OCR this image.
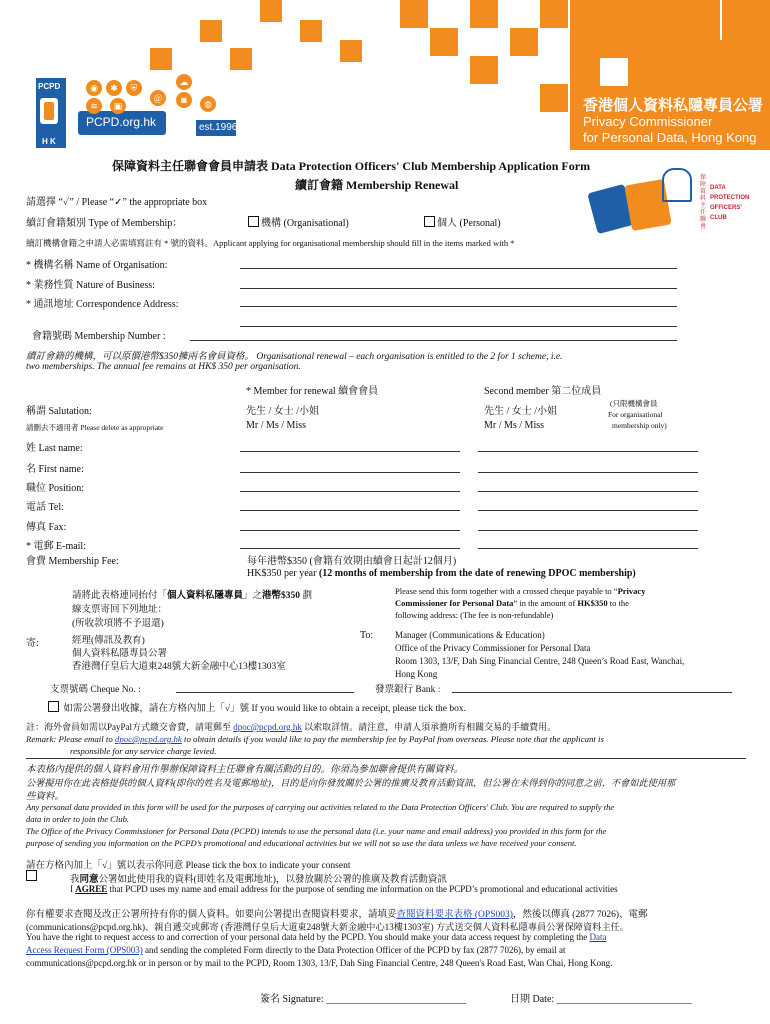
PCPD
H K
PCPD.org.hk	est.1996
◉	✱	⛨
@
≋	▣
◙
☁
◍	香港個人資料私隱專員公署
Privacy Commissioner
for Personal Data, Hong Kong
保障資料主任聯會
DATA
PROTECTION
OFFICERS'
CLUB
保障資料主任聯會會員申請表 Data Protection Officers' Club Membership Application Form
續訂會籍 Membership Renewal
請選擇 “✓” / Please “✓” the appropriate box
續訂會籍類別 Type of Membership：	機構 (Organisational)	個人 (Personal)
續訂機構會籍之申請人必需填寫註有 * 號的資料。Applicant applying for organisational membership should fill in the items marked with *
* 機構名稱 Name of Organisation:
* 業務性質 Nature of Business:
* 通訊地址 Correspondence Address:
會籍號碼 Membership Number :
續訂會籍的機構，可以原價港幣$350擁兩名會員資格。 Organisational renewal – each organisation is entitled to the 2 for 1 scheme, i.e.
two memberships. The annual fee remains at HK$ 350 per organisation.
* Member for renewal 續會會員	Second member 第二位成員
稱謂 Salutation:	先生 / 女士 /小姐	先生 / 女士 /小姐
(只限機構會員
For organisational
membership only)
請刪去不適用者 Please delete as appropriate	Mr / Ms / Miss	Mr / Ms / Miss
姓 Last name:
名 First name:
職位 Position:
電話 Tel:
傳真 Fax:
* 電郵 E-mail:
會費 Membership Fee:	每年港幣$350 (會籍有效期由續會日起計12個月)
HK$350 per year (12 months of membership from the date of renewing DPOC membership)
請將此表格連同抬付「個人資料私隱專員」之港幣$350 劃
線支票寄回下列地址：
(所收款項將不予退還)
Please send this form together with a crossed cheque payable to “Privacy
Commissioner for Personal Data” in the amount of HK$350 to the
following address: (The fee is non-refundable)
寄:	經理(傳訊及教育)
個人資料私隱專員公署
香港灣仔皇后大道東248號大新金融中心13樓1303室
To: Manager (Communications & Education)
Office of the Privacy Commissioner for Personal Data
Room 1303, 13/F, Dah Sing Financial Centre, 248 Queen’s Road East, Wanchai,
Hong Kong
支票號碼 Cheque No. :	發票銀行 Bank :
如需公署發出收據，請在方格內加上「√」號 If you would like to obtain a receipt, please tick the box.
註：海外會員如需以PayPal方式繳交會費，請電郵至 dpoc@pcpd.org.hk 以索取詳情。請注意，申請人須承擔所有相關交易的手續費用。
Remark: Please email to dpoc@pcpd.org.hk to obtain details if you would like to pay the membership fee by PayPal from overseas. Please note that the applicant is
responsible for any service charge levied.
本表格內提供的個人資料會用作舉辦保障資料主任聯會有關活動的目的。你須為參加聯會提供有關資料。
公署擬用你在此表格提供的個人資料(即你的姓名及電郵地址)，目的是向你發放關於公署的推廣及教育活動資訊，但公署在未得到你的同意之前，不會如此使用那
些資料。
Any personal data provided in this form will be used for the purposes of carrying out activities related to the Data Protection Officers' Club. You are required to supply the
data in order to join the Club.
The Office of the Privacy Commissioner for Personal Data (PCPD) intends to use the personal data (i.e. your name and email address) you provided in this form for the
purpose of sending you information on the PCPD’s promotional and educational activities but we will not so use the data unless we have received your consent.
請在方格內加上「√」號以表示你同意 Please tick the box to indicate your consent
我同意公署如此使用我的資料(即姓名及電郵地址)，以發放關於公署的推廣及教育活動資訊
I AGREE that PCPD uses my name and email address for the purpose of sending me information on the PCPD’s promotional and educational activities
你有權要求查閱及改正公署所持有你的個人資料。如要向公署提出查閱資料要求，請填妥查閱資料要求表格 (OPS003)，然後以傳真 (2877 7026)、電郵
(communications@pcpd.org.hk)、親自遞交或郵寄 (香港灣仔皇后大道東248號大新金融中心13樓1303室) 方式送交個人資料私隱專員公署保障資料主任。
You have the right to request access to and correction of your personal data held by the PCPD. You should make your data access request by completing the Data
Access Request Form (OPS003) and sending the completed Form directly to the Data Protection Officer of the PCPD by fax (2877 7026), by email at
communications@pcpd.org.hk or in person or by mail to the PCPD, Room 1303, 13/F, Dah Sing Financial Centre, 248 Queen's Road East, Wan Chai, Hong Kong.
簽名 Signature: ____________________________	日期 Date: ___________________________
